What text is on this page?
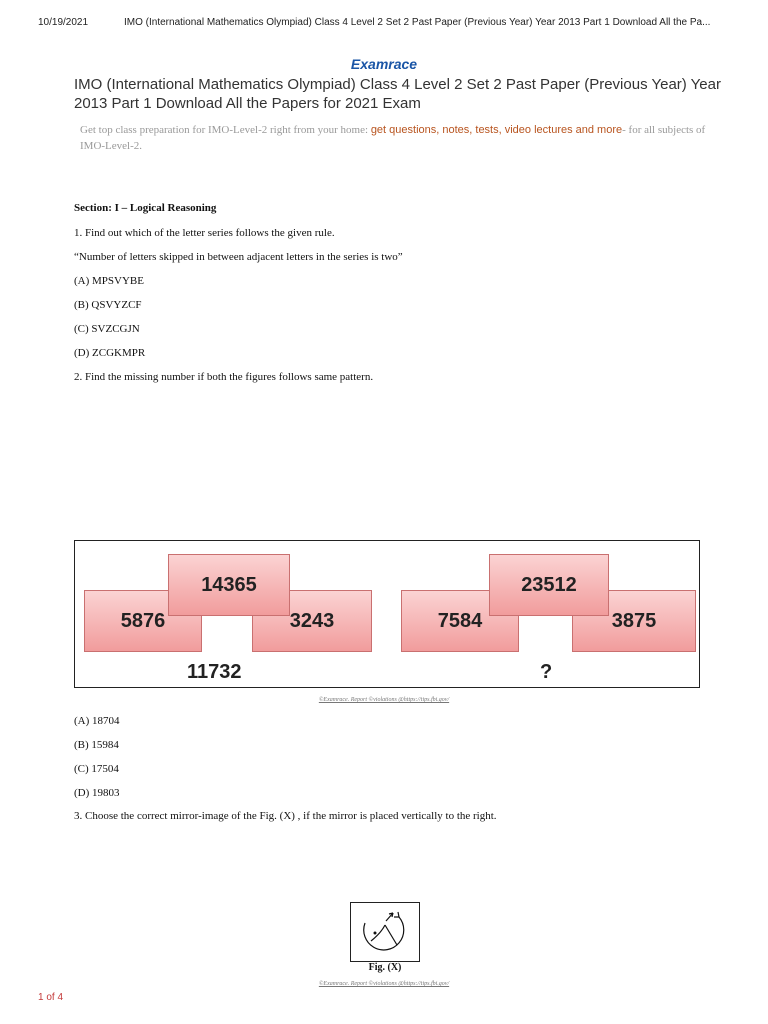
10/19/2021	IMO (International Mathematics Olympiad) Class 4 Level 2 Set 2 Past Paper (Previous Year) Year 2013 Part 1 Download All the Pa...
Examrace
IMO (International Mathematics Olympiad) Class 4 Level 2 Set 2 Past Paper (Previous Year) Year 2013 Part 1 Download All the Papers for 2021 Exam
Get top class preparation for IMO-Level-2 right from your home: get questions, notes, tests, video lectures and more- for all subjects of IMO-Level-2.
Section: I – Logical Reasoning
1. Find out which of the letter series follows the given rule.
“Number of letters skipped in between adjacent letters in the series is two”
(A) MPSVYBE
(B) QSVYZCF
(C) SVZCGJN
(D) ZCGKMPR
2. Find the missing number if both the figures follows same pattern.
5876	3243
14365
11732
7584	3875
23512
?
©Examrace. Report ©violations @https://tips.fbi.gov/
(A) 18704
(B) 15984
(C) 17504
(D) 19803
3. Choose the correct mirror-image of the Fig. (X) , if the mirror is placed vertically to the right.
Fig. (X)
©Examrace. Report ©violations @https://tips.fbi.gov/
1 of 4
